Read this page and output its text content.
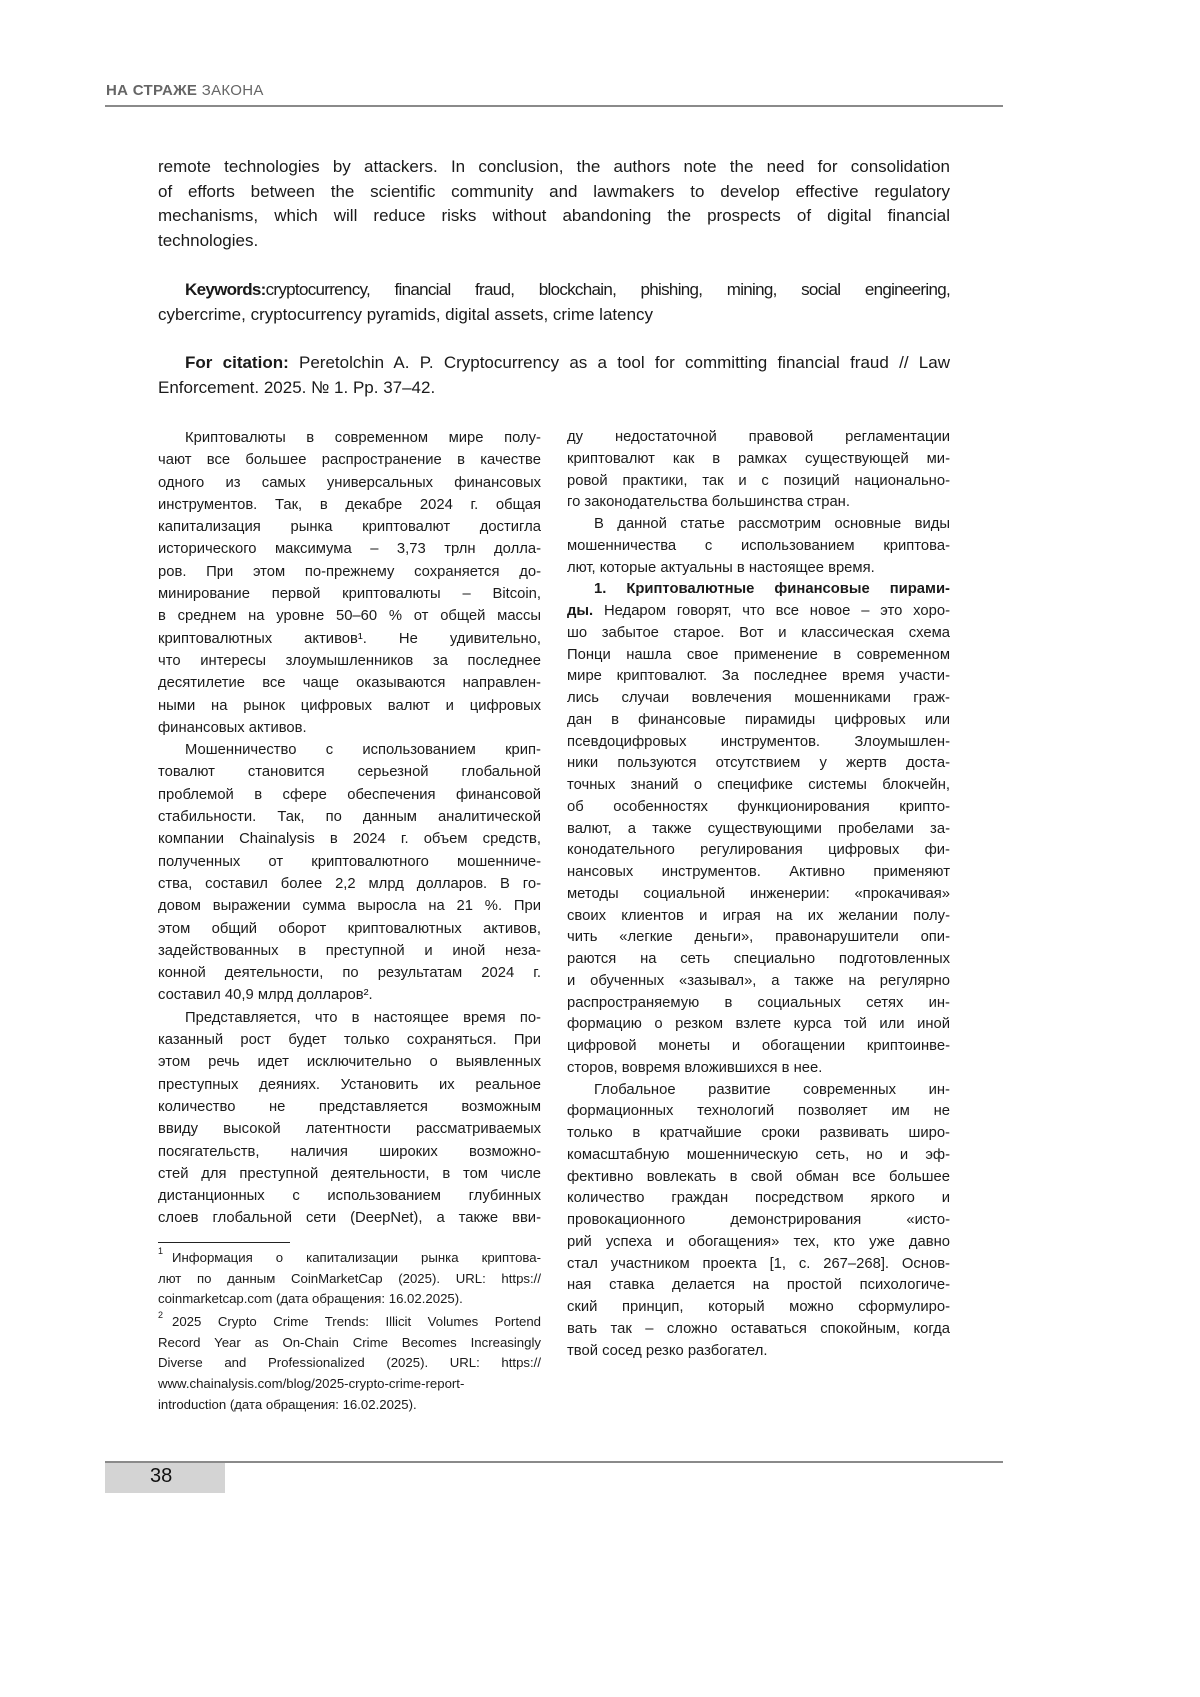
НА СТРАЖЕ ЗАКОНА
remote technologies by attackers. In conclusion, the authors note the need for consolidation
of efforts between the scientific community and lawmakers to develop effective regulatory
mechanisms, which will reduce risks without abandoning the prospects of digital financial
technologies.
Keywords:cryptocurrency, financial fraud, blockchain, phishing, mining, social engineering,
cybercrime, cryptocurrency pyramids, digital assets, crime latency
For citation: Peretolchin A. P. Cryptocurrency as a tool for committing financial fraud // Law
Enforcement. 2025. № 1. Pp. 37–42.
Криптовалюты в современном мире полу-
чают все большее распространение в качестве
одного из самых универсальных финансовых
инструментов. Так, в декабре 2024 г. общая
капитализация рынка криптовалют достигла
исторического максимума – 3,73 трлн долла-
ров. При этом по-прежнему сохраняется до-
минирование первой криптовалюты – Bitcoin,
в среднем на уровне 50–60 % от общей массы
криптовалютных активов¹. Не удивительно,
что интересы злоумышленников за последнее
десятилетие все чаще оказываются направлен-
ными на рынок цифровых валют и цифровых
финансовых активов.
Мошенничество с использованием крип-
товалют становится серьезной глобальной
проблемой в сфере обеспечения финансовой
стабильности. Так, по данным аналитической
компании Chainalysis в 2024 г. объем средств,
полученных от криптовалютного мошенниче-
ства, составил более 2,2 млрд долларов. В го-
довом выражении сумма выросла на 21 %. При
этом общий оборот криптовалютных активов,
задействованных в преступной и иной неза-
конной деятельности, по результатам 2024 г.
составил 40,9 млрд долларов².
Представляется, что в настоящее время по-
казанный рост будет только сохраняться. При
этом речь идет исключительно о выявленных
преступных деяниях. Установить их реальное
количество не представляется возможным
ввиду высокой латентности рассматриваемых
посягательств, наличия широких возможно-
стей для преступной деятельности, в том числе
дистанционных с использованием глубинных
слоев глобальной сети (DeepNet), а также вви-
ду недостаточной правовой регламентации
криптовалют как в рамках существующей ми-
ровой практики, так и с позиций национально-
го законодательства большинства стран.
В данной статье рассмотрим основные виды
мошенничества с использованием криптова-
лют, которые актуальны в настоящее время.
1. Криптовалютные финансовые пирами-
ды. Недаром говорят, что все новое – это хоро-
шо забытое старое. Вот и классическая схема
Понци нашла свое применение в современном
мире криптовалют. За последнее время участи-
лись случаи вовлечения мошенниками граж-
дан в финансовые пирамиды цифровых или
псевдоцифровых инструментов. Злоумышлен-
ники пользуются отсутствием у жертв доста-
точных знаний о специфике системы блокчейн,
об особенностях функционирования крипто-
валют, а также существующими пробелами за-
конодательного регулирования цифровых фи-
нансовых инструментов. Активно применяют
методы социальной инженерии: «прокачивая»
своих клиентов и играя на их желании полу-
чить «легкие деньги», правонарушители опи-
раются на сеть специально подготовленных
и обученных «зазывал», а также на регулярно
распространяемую в социальных сетях ин-
формацию о резком взлете курса той или иной
цифровой монеты и обогащении криптоинве-
сторов, вовремя вложившихся в нее.
Глобальное развитие современных ин-
формационных технологий позволяет им не
только в кратчайшие сроки развивать широ-
комасштабную мошенническую сеть, но и эф-
фективно вовлекать в свой обман все большее
количество граждан посредством яркого и
провокационного демонстрирования «исто-
рий успеха и обогащения» тех, кто уже давно
стал участником проекта [1, с. 267–268]. Основ-
ная ставка делается на простой психологиче-
ский принцип, который можно сформулиро-
вать так – сложно оставаться спокойным, когда
твой сосед резко разбогател.
1 Информация о капитализации рынка криптова-
лют по данным CoinMarketCap (2025). URL: https://
coinmarketcap.com (дата обращения: 16.02.2025).
2 2025 Crypto Crime Trends: Illicit Volumes Portend
Record Year as On-Chain Crime Becomes Increasingly
Diverse and Professionalized (2025). URL: https://
www.chainalysis.com/blog/2025-crypto-crime-report-
introduction (дата обращения: 16.02.2025).
38
